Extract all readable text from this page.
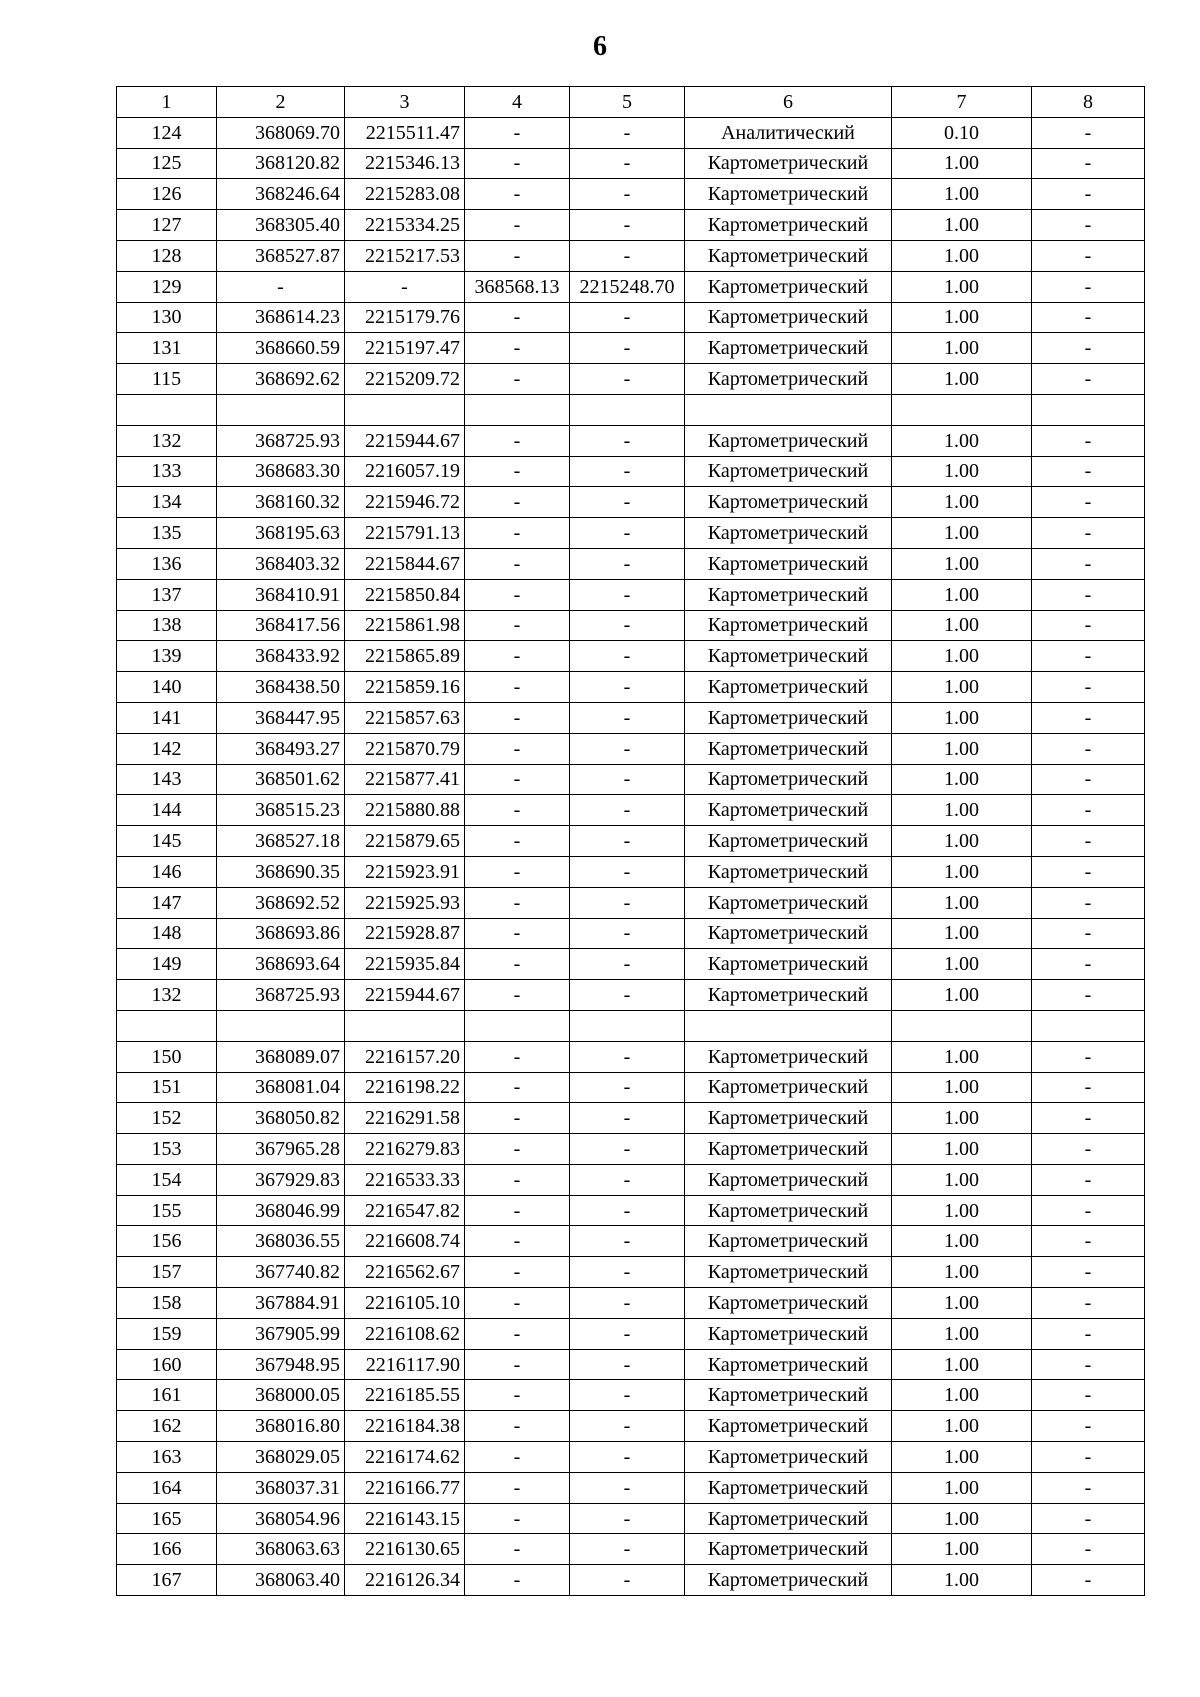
6
1	2	3	4	5	6	7	8
124	368069.70	2215511.47	-	-	Аналитический	0.10	-
125	368120.82	2215346.13	-	-	Картометрический	1.00	-
126	368246.64	2215283.08	-	-	Картометрический	1.00	-
127	368305.40	2215334.25	-	-	Картометрический	1.00	-
128	368527.87	2215217.53	-	-	Картометрический	1.00	-
129	-	-	368568.13	2215248.70	Картометрический	1.00	-
130	368614.23	2215179.76	-	-	Картометрический	1.00	-
131	368660.59	2215197.47	-	-	Картометрический	1.00	-
115	368692.62	2215209.72	-	-	Картометрический	1.00	-

132	368725.93	2215944.67	-	-	Картометрический	1.00	-
133	368683.30	2216057.19	-	-	Картометрический	1.00	-
134	368160.32	2215946.72	-	-	Картометрический	1.00	-
135	368195.63	2215791.13	-	-	Картометрический	1.00	-
136	368403.32	2215844.67	-	-	Картометрический	1.00	-
137	368410.91	2215850.84	-	-	Картометрический	1.00	-
138	368417.56	2215861.98	-	-	Картометрический	1.00	-
139	368433.92	2215865.89	-	-	Картометрический	1.00	-
140	368438.50	2215859.16	-	-	Картометрический	1.00	-
141	368447.95	2215857.63	-	-	Картометрический	1.00	-
142	368493.27	2215870.79	-	-	Картометрический	1.00	-
143	368501.62	2215877.41	-	-	Картометрический	1.00	-
144	368515.23	2215880.88	-	-	Картометрический	1.00	-
145	368527.18	2215879.65	-	-	Картометрический	1.00	-
146	368690.35	2215923.91	-	-	Картометрический	1.00	-
147	368692.52	2215925.93	-	-	Картометрический	1.00	-
148	368693.86	2215928.87	-	-	Картометрический	1.00	-
149	368693.64	2215935.84	-	-	Картометрический	1.00	-
132	368725.93	2215944.67	-	-	Картометрический	1.00	-

150	368089.07	2216157.20	-	-	Картометрический	1.00	-
151	368081.04	2216198.22	-	-	Картометрический	1.00	-
152	368050.82	2216291.58	-	-	Картометрический	1.00	-
153	367965.28	2216279.83	-	-	Картометрический	1.00	-
154	367929.83	2216533.33	-	-	Картометрический	1.00	-
155	368046.99	2216547.82	-	-	Картометрический	1.00	-
156	368036.55	2216608.74	-	-	Картометрический	1.00	-
157	367740.82	2216562.67	-	-	Картометрический	1.00	-
158	367884.91	2216105.10	-	-	Картометрический	1.00	-
159	367905.99	2216108.62	-	-	Картометрический	1.00	-
160	367948.95	2216117.90	-	-	Картометрический	1.00	-
161	368000.05	2216185.55	-	-	Картометрический	1.00	-
162	368016.80	2216184.38	-	-	Картометрический	1.00	-
163	368029.05	2216174.62	-	-	Картометрический	1.00	-
164	368037.31	2216166.77	-	-	Картометрический	1.00	-
165	368054.96	2216143.15	-	-	Картометрический	1.00	-
166	368063.63	2216130.65	-	-	Картометрический	1.00	-
167	368063.40	2216126.34	-	-	Картометрический	1.00	-
